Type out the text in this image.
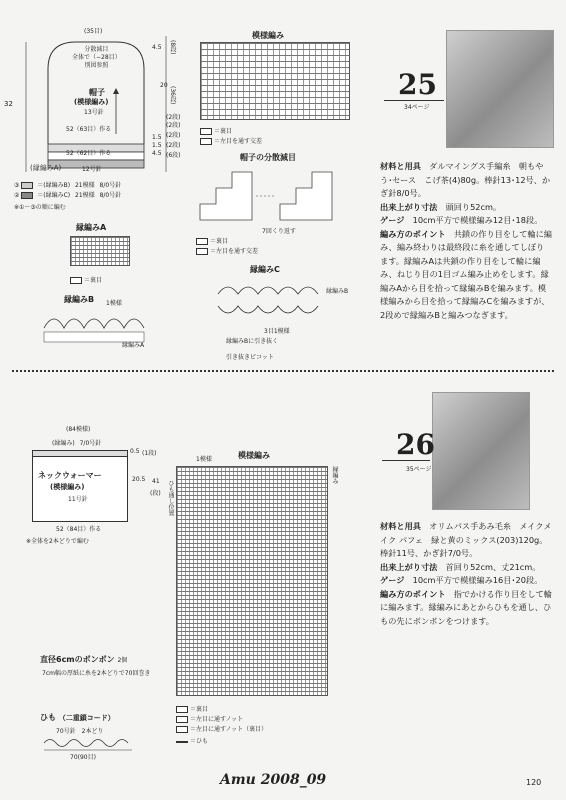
(35目)
分散減目
全体で（−28目）
別図参照
帽子
(模様編み)
13号針
32
4.5 (8段)
20
(36段)
1.5
(2段)
1.5
(2段)
4.5 (6段)
(2段)
(2段)
52（63目）作る
52（62目）作る
(縁編みA)	12号針
③	＝(縁編みB) 21模様 8/0号針
②	＝(縁編みC) 21模様 8/0号針
※①〜③の順に編む
縁編みA
＝裏目
縁編みB 1模様
縁編みA
模様編み
＝裏目
＝左目を通す交差
帽子の分散減目
7回くり返す
＝裏目
＝左目を通す交差
縁編みC
縁編みB
3目1模様
縁編みBに引き抜く
引き抜きピコット
25
34ページ
材料と用具　 ダルマイングス手編糸　朝もやう･セース　こげ茶(4)80g。棒針13･12号、かぎ針8/0号。
出来上がり寸法　 頭回り52cm。
ゲージ　 10cm平方で模様編み12目･18段。
編み方のポイント　 共鎖の作り目をして輪に編み、編み終わりは最終段に糸を通してしぼります。縁編みAは共鎖の作り目をして輪に編み、ねじり目の1目ゴム編み止めをします。縁編みAから目を拾って縁編みBを編みます。模様編みから目を拾って縁編みCを編みますが、2段めで縁編みBと編みつなぎます。
(84模様)
(縁編み) 7/0号針
0.5 (1段)
ネックウォーマー
(模様編み)
11号針
20.5 41
(段)
52（84目）作る
※全体を2本どりで編む
模様編み
1模様
縁編み
ひも通し位置
＝裏目
＝左目に通すノット
＝左目に通すノット（裏目）
＝ひも
直径6cmのボンボン 2個
7cm幅の厚紙に糸を2本どりで70回巻き
ひも （二重鎖コード）
70号針　2本どり
70(90目)
26
35ページ
材料と用具　 オリムパス手あみ毛糸　メイクメイク パフェ　緑と黄のミックス(203)120g。棒針11号、かぎ針7/0号。
出来上がり寸法　 首回り52cm、丈21cm。
ゲージ　 10cm平方で模様編み16目･20段。
編み方のポイント　 指でかける作り目をして輪に編みます。縁編みにあとからひもを通し、ひもの先にボンボンをつけます。
Amu 2008_09	120
